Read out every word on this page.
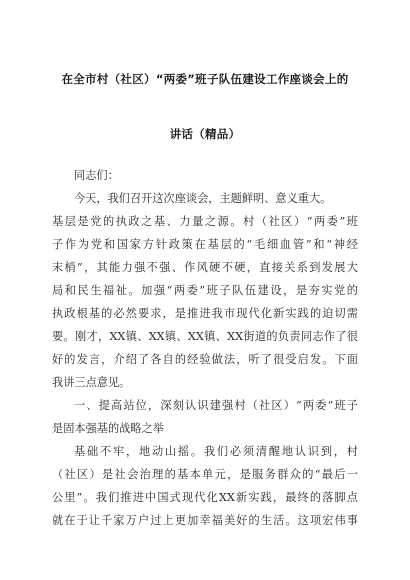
在全市村（社区）“两委”班子队伍建设工作座谈会上的
讲话（精品）
同志们：
今天，我们召开这次座谈会，主题鲜明、意义重大。
基层是党的执政之基、力量之源。村（社区）“两委”班
子作为党和国家方针政策在基层的“毛细血管”和“神经
末梢”，其能力强不强、作风硬不硬，直接关系到发展大
局和民生福祉。加强“两委”班子队伍建设，是夯实党的
执政根基的必然要求，是推进我市现代化新实践的迫切需
要。刚才，XX镇、XX镇、XX镇、XX街道的负责同志作了很
好的发言，介绍了各自的经验做法，听了很受启发。下面
我讲三点意见。
一、提高站位，深刻认识建强村（社区）“两委”班子
是固本强基的战略之举
基础不牢，地动山摇。我们必须清醒地认识到，村
（社区）是社会治理的基本单元，是服务群众的“最后一
公里”。我们推进中国式现代化XX新实践，最终的落脚点
就在于让千家万户过上更加幸福美好的生活。这项宏伟事
